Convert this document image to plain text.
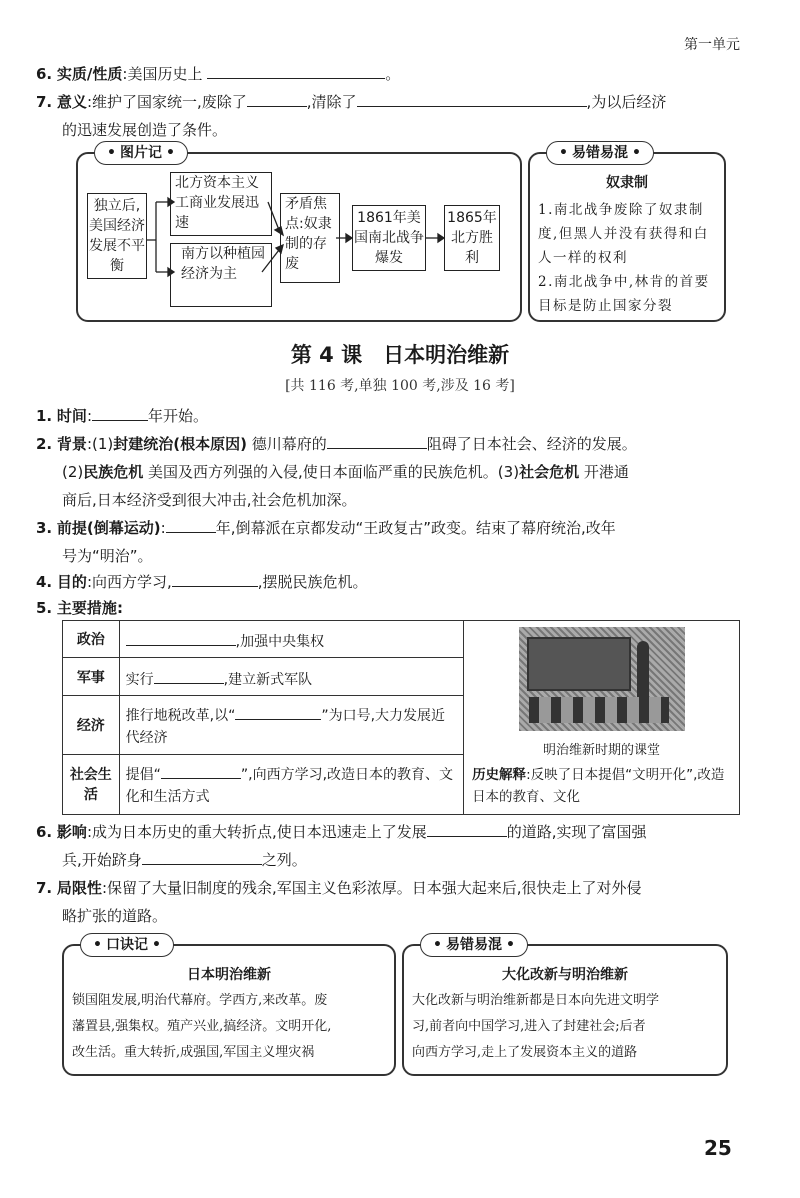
第一单元
6. 实质/性质:美国历史上	。
7. 意义:维护了国家统一,废除了	,清除了	,为以后经济
的迅速发展创造了条件。
• 图片记 •
独立后,美国经济发展不平衡
北方资本主义工商业发展迅速
南方以种植园经济为主
矛盾焦点:奴隶制的存废
1861年美国南北战争爆发
1865年北方胜利
• 易错易混 •
奴隶制
1.南北战争废除了奴隶制度,但黑人并没有获得和白人一样的权利
2.南北战争中,林肯的首要目标是防止国家分裂
第 4 课　日本明治维新
[共 116 考,单独 100 考,涉及 16 考]
1. 时间:	年开始。
2. 背景:(1)封建统治(根本原因) 德川幕府的	阻碍了日本社会、经济的发展。
(2)民族危机 美国及西方列强的入侵,使日本面临严重的民族危机。(3)社会危机 开港通
商后,日本经济受到很大冲击,社会危机加深。
3. 前提(倒幕运动):	年,倒幕派在京都发动“王政复古”政变。结束了幕府统治,改年
号为“明治”。
4. 目的:向西方学习,	,摆脱民族危机。
5. 主要措施:
政治	,加强中央集权	明治维新时期的课堂
历史解释:反映了日本提倡“文明开化”,改造日本的教育、文化

军事	实行 ,建立新式军队	
经济	推行地税改革,以“ ”为口号,大力发展近代经济	
社会生活	提倡“ ”,向西方学习,改造日本的教育、文化和生活方式	
6. 影响:成为日本历史的重大转折点,使日本迅速走上了发展	的道路,实现了富国强
兵,开始跻身	之列。
7. 局限性:保留了大量旧制度的残余,军国主义色彩浓厚。日本强大起来后,很快走上了对外侵
略扩张的道路。
• 口诀记 •
日本明治维新
锁国阻发展,明治代幕府。学西方,来改革。废
藩置县,强集权。殖产兴业,搞经济。文明开化,
改生活。重大转折,成强国,军国主义埋灾祸
• 易错易混 •
大化改新与明治维新
大化改新与明治维新都是日本向先进文明学
习,前者向中国学习,进入了封建社会;后者
向西方学习,走上了发展资本主义的道路
25
